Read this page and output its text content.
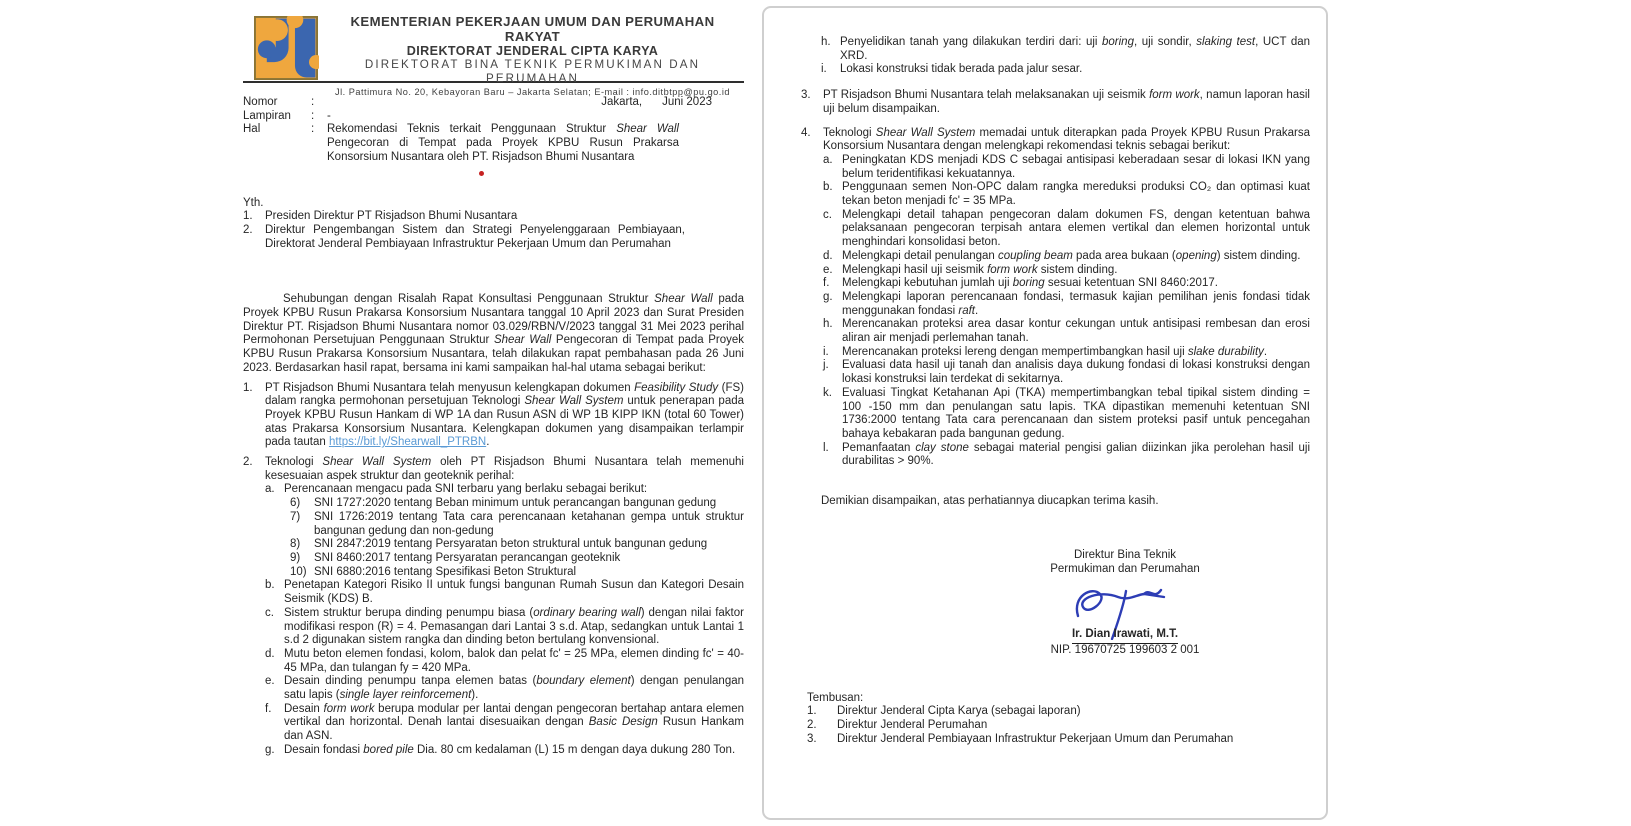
KEMENTERIAN PEKERJAAN UMUM DAN PERUMAHAN RAKYAT
DIREKTORAT JENDERAL CIPTA KARYA
DIREKTORAT BINA TEKNIK PERMUKIMAN DAN PERUMAHAN
Jl. Pattimura No. 20, Kebayoran Baru – Jakarta Selatan; E-mail : info.ditbtpp@pu.go.id
Jakarta, Juni 2023
Nomor	:
Lampiran	:	-
Hal	:	Rekomendasi Teknis terkait Penggunaan Struktur Shear Wall Pengecoran di Tempat pada Proyek KPBU Rusun Prakarsa Konsorsium Nusantara oleh PT. Risjadson Bhumi Nusantara
Yth.
1.	Presiden Direktur PT Risjadson Bhumi Nusantara
2.	Direktur Pengembangan Sistem dan Strategi Penyelenggaraan Pembiayaan, Direktorat Jenderal Pembiayaan Infrastruktur Pekerjaan Umum dan Perumahan
Sehubungan dengan Risalah Rapat Konsultasi Penggunaan Struktur Shear Wall pada Proyek KPBU Rusun Prakarsa Konsorsium Nusantara tanggal 10 April 2023 dan Surat Presiden Direktur PT. Risjadson Bhumi Nusantara nomor 03.029/RBN/V/2023 tanggal 31 Mei 2023 perihal Permohonan Persetujuan Penggunaan Struktur Shear Wall Pengecoran di Tempat pada Proyek KPBU Rusun Prakarsa Konsorsium Nusantara, telah dilakukan rapat pembahasan pada 26 Juni 2023. Berdasarkan hasil rapat, bersama ini kami sampaikan hal-hal utama sebagai berikut:
1.	PT Risjadson Bhumi Nusantara telah menyusun kelengkapan dokumen Feasibility Study (FS) dalam rangka permohonan persetujuan Teknologi Shear Wall System untuk penerapan pada Proyek KPBU Rusun Hankam di WP 1A dan Rusun ASN di WP 1B KIPP IKN (total 60 Tower) atas Prakarsa Konsorsium Nusantara. Kelengkapan dokumen yang disampaikan terlampir pada tautan https://bit.ly/Shearwall_PTRBN.
2.	Teknologi Shear Wall System oleh PT Risjadson Bhumi Nusantara telah memenuhi kesesuaian aspek struktur dan geoteknik perihal:
a. Perencanaan mengacu pada SNI terbaru yang berlaku sebagai berikut:
6)	SNI 1727:2020 tentang Beban minimum untuk perancangan bangunan gedung
7)	SNI 1726:2019 tentang Tata cara perencanaan ketahanan gempa untuk struktur bangunan gedung dan non-gedung
8)	SNI 2847:2019 tentang Persyaratan beton struktural untuk bangunan gedung
9)	SNI 8460:2017 tentang Persyaratan perancangan geoteknik
10) SNI 6880:2016 tentang Spesifikasi Beton Struktural
b. Penetapan Kategori Risiko II untuk fungsi bangunan Rumah Susun dan Kategori Desain Seismik (KDS) B.
c. Sistem struktur berupa dinding penumpu biasa (ordinary bearing wall) dengan nilai faktor modifikasi respon (R) = 4. Pemasangan dari Lantai 3 s.d. Atap, sedangkan untuk Lantai 1 s.d 2 digunakan sistem rangka dan dinding beton bertulang konvensional.
d. Mutu beton elemen fondasi, kolom, balok dan pelat fc' = 25 MPa, elemen dinding fc' = 40-45 MPa, dan tulangan fy = 420 MPa.
e. Desain dinding penumpu tanpa elemen batas (boundary element) dengan penulangan satu lapis (single layer reinforcement).
f.	Desain form work berupa modular per lantai dengan pengecoran bertahap antara elemen vertikal dan horizontal. Denah lantai disesuaikan dengan Basic Design Rusun Hankam dan ASN.
g. Desain fondasi bored pile Dia. 80 cm kedalaman (L) 15 m dengan daya dukung 280 Ton.
h. Penyelidikan tanah yang dilakukan terdiri dari: uji boring, uji sondir, slaking test, UCT dan XRD.
i.	Lokasi konstruksi tidak berada pada jalur sesar.
3.	PT Risjadson Bhumi Nusantara telah melaksanakan uji seismik form work, namun laporan hasil uji belum disampaikan.
4.	Teknologi Shear Wall System memadai untuk diterapkan pada Proyek KPBU Rusun Prakarsa Konsorsium Nusantara dengan melengkapi rekomendasi teknis sebagai berikut:
a. Peningkatan KDS menjadi KDS C sebagai antisipasi keberadaan sesar di lokasi IKN yang belum teridentifikasi kekuatannya.
b. Penggunaan semen Non-OPC dalam rangka mereduksi produksi CO₂ dan optimasi kuat tekan beton menjadi fc' = 35 MPa.
c. Melengkapi detail tahapan pengecoran dalam dokumen FS, dengan ketentuan bahwa pelaksanaan pengecoran terpisah antara elemen vertikal dan elemen horizontal untuk menghindari konsolidasi beton.
d. Melengkapi detail penulangan coupling beam pada area bukaan (opening) sistem dinding.
e. Melengkapi hasil uji seismik form work sistem dinding.
f.	Melengkapi kebutuhan jumlah uji boring sesuai ketentuan SNI 8460:2017.
g. Melengkapi laporan perencanaan fondasi, termasuk kajian pemilihan jenis fondasi tidak menggunakan fondasi raft.
h. Merencanakan proteksi area dasar kontur cekungan untuk antisipasi rembesan dan erosi aliran air menjadi perlemahan tanah.
i.	Merencanakan proteksi lereng dengan mempertimbangkan hasil uji slake durability.
j.	Evaluasi data hasil uji tanah dan analisis daya dukung fondasi di lokasi konstruksi dengan lokasi konstruksi lain terdekat di sekitarnya.
k. Evaluasi Tingkat Ketahanan Api (TKA) mempertimbangkan tebal tipikal sistem dinding = 100 -150 mm dan penulangan satu lapis. TKA dipastikan memenuhi ketentuan SNI 1736:2000 tentang Tata cara perencanaan dan sistem proteksi pasif untuk pencegahan bahaya kebakaran pada bangunan gedung.
l.	Pemanfaatan clay stone sebagai material pengisi galian diizinkan jika perolehan hasil uji durabilitas > 90%.
Demikian disampaikan, atas perhatiannya diucapkan terima kasih.
Direktur Bina Teknik
Permukiman dan Perumahan
Ir. Dian Irawati, M.T.
NIP. 19670725 199603 2 001
Tembusan:
1.	Direktur Jenderal Cipta Karya (sebagai laporan)
2.	Direktur Jenderal Perumahan
3.	Direktur Jenderal Pembiayaan Infrastruktur Pekerjaan Umum dan Perumahan
